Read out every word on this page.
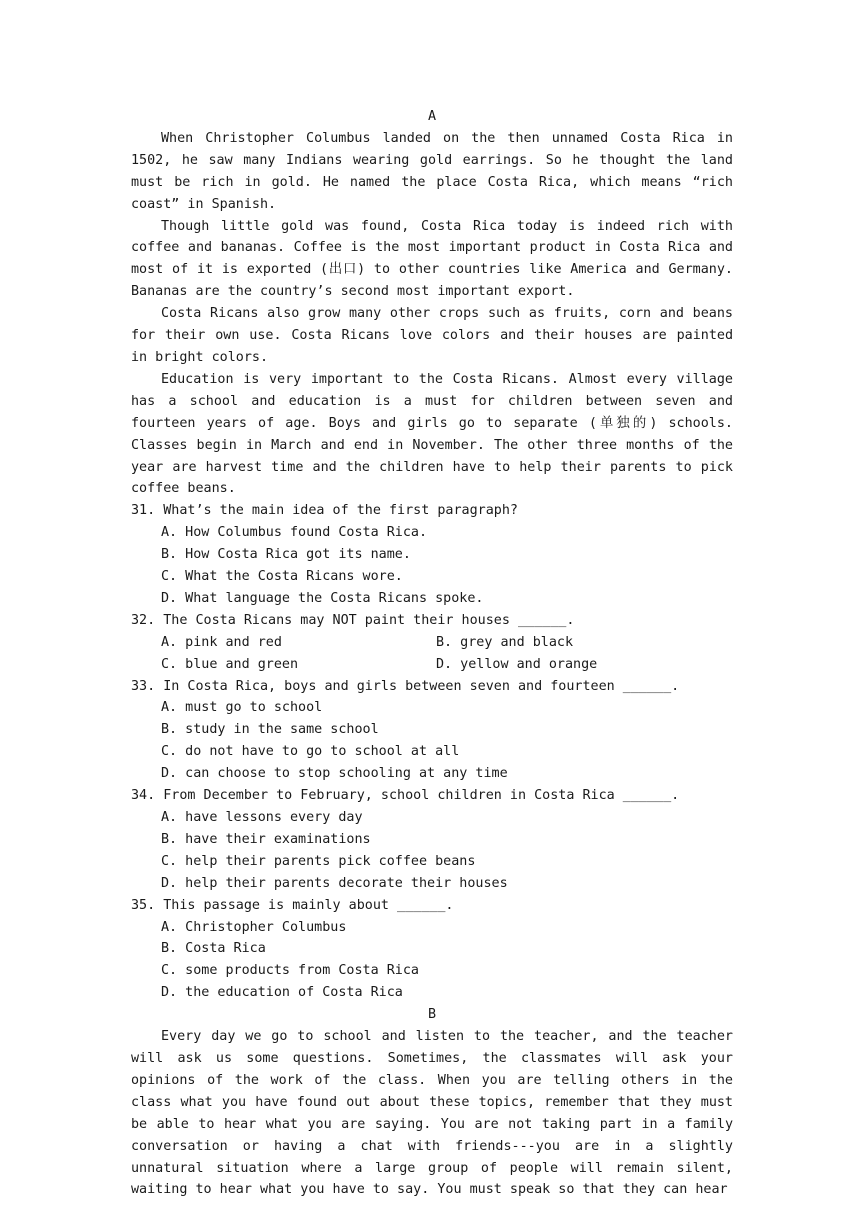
A

When Christopher Columbus landed on the then unnamed Costa Rica in 1502, he saw many Indians wearing gold earrings. So he thought the land must be rich in gold. He named the place Costa Rica, which means “rich coast” in Spanish.

Though little gold was found, Costa Rica today is indeed rich with coffee and bananas. Coffee is the most important product in Costa Rica and most of it is exported (出口) to other countries like America and Germany. Bananas are the country’s second most important export.

Costa Ricans also grow many other crops such as fruits, corn and beans for their own use. Costa Ricans love colors and their houses are painted in bright colors.

Education is very important to the Costa Ricans. Almost every village has a school and education is a must for children between seven and fourteen years of age. Boys and girls go to separate (单独的) schools. Classes begin in March and end in November. The other three months of the year are harvest time and the children have to help their parents to pick coffee beans.

31. What’s the main idea of the first paragraph?

A. How Columbus found Costa Rica.

B. How Costa Rica got its name.

C. What the Costa Ricans wore.

D. What language the Costa Ricans spoke.

32. The Costa Ricans may NOT paint their houses ______.

A. pink and red	B. grey and black
C. blue and green	D. yellow and orange

33. In Costa Rica, boys and girls between seven and fourteen ______.

A. must go to school

B. study in the same school

C. do not have to go to school at all

D. can choose to stop schooling at any time

34. From December to February, school children in Costa Rica ______.

A. have lessons every day

B. have their examinations

C. help their parents pick coffee beans

D. help their parents decorate their houses

35. This passage is mainly about ______.

A. Christopher Columbus

B. Costa Rica

C. some products from Costa Rica

D. the education of Costa Rica

B

Every day we go to school and listen to the teacher, and the teacher will ask us some questions. Sometimes, the classmates will ask your opinions of the work of the class. When you are telling others in the class what you have found out about these topics, remember that they must be able to hear what you are saying. You are not taking part in a family conversation or having a chat with friends---you are in a slightly unnatural situation where a large group of people will remain silent, waiting to hear what you have to say. You must speak so that they can hear
